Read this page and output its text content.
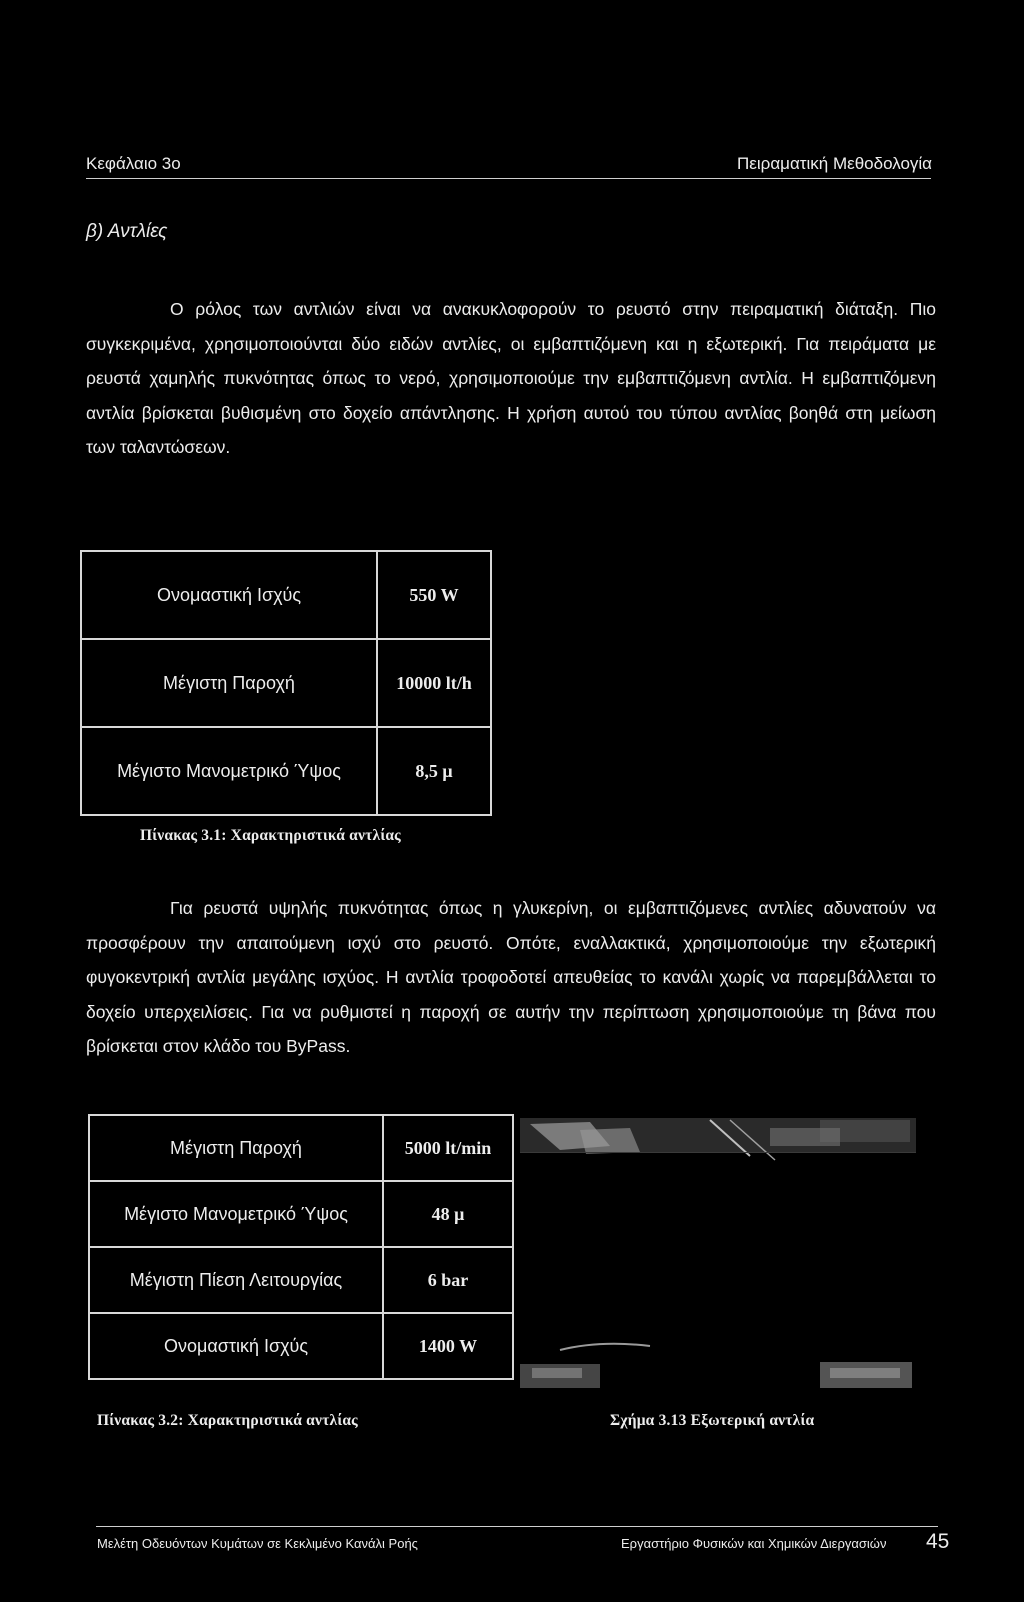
Κεφάλαιο 3ο	Πειραματική Μεθοδολογία
β) Αντλίες

Ο ρόλος των αντλιών είναι να ανακυκλοφορούν το ρευστό στην πειραματική διάταξη. Πιο συγκεκριμένα, χρησιμοποιούνται δύο ειδών αντλίες, οι εμβαπτιζόμενη και η εξωτερική. Για πειράματα με ρευστά χαμηλής πυκνότητας όπως το νερό, χρησιμοποιούμε την εμβαπτιζόμενη αντλία. Η εμβαπτιζόμενη αντλία βρίσκεται βυθισμένη στο δοχείο απάντλησης. Η χρήση αυτού του τύπου αντλίας βοηθά στη μείωση των ταλαντώσεων.

Ονομαστική Ισχύς	550 W
Μέγιστη Παροχή	10000 lt/h
Μέγιστο Μανομετρικό Ύψος	8,5 μ
Πίνακας 3.1: Χαρακτηριστικά αντλίας

Για ρευστά υψηλής πυκνότητας όπως η γλυκερίνη, οι εμβαπτιζόμενες αντλίες αδυνατούν να προσφέρουν την απαιτούμενη ισχύ στο ρευστό. Οπότε, εναλλακτικά, χρησιμοποιούμε την εξωτερική φυγοκεντρική αντλία μεγάλης ισχύος. Η αντλία τροφοδοτεί απευθείας το κανάλι χωρίς να παρεμβάλλεται το δοχείο υπερχειλίσεις. Για να ρυθμιστεί η παροχή σε αυτήν την περίπτωση χρησιμοποιούμε τη βάνα που βρίσκεται στον κλάδο του ByPass.

Μέγιστη Παροχή	5000 lt/min
Μέγιστο Μανομετρικό Ύψος	48 μ
Μέγιστη Πίεση Λειτουργίας	6 bar
Ονομαστική Ισχύς	1400 W
Πίνακας 3.2: Χαρακτηριστικά αντλίας	Σχήμα 3.13 Εξωτερική αντλία
Μελέτη Οδευόντων Κυμάτων σε Κεκλιμένο Κανάλι Ροής	Εργαστήριο Φυσικών και Χημικών Διεργασιών 45
